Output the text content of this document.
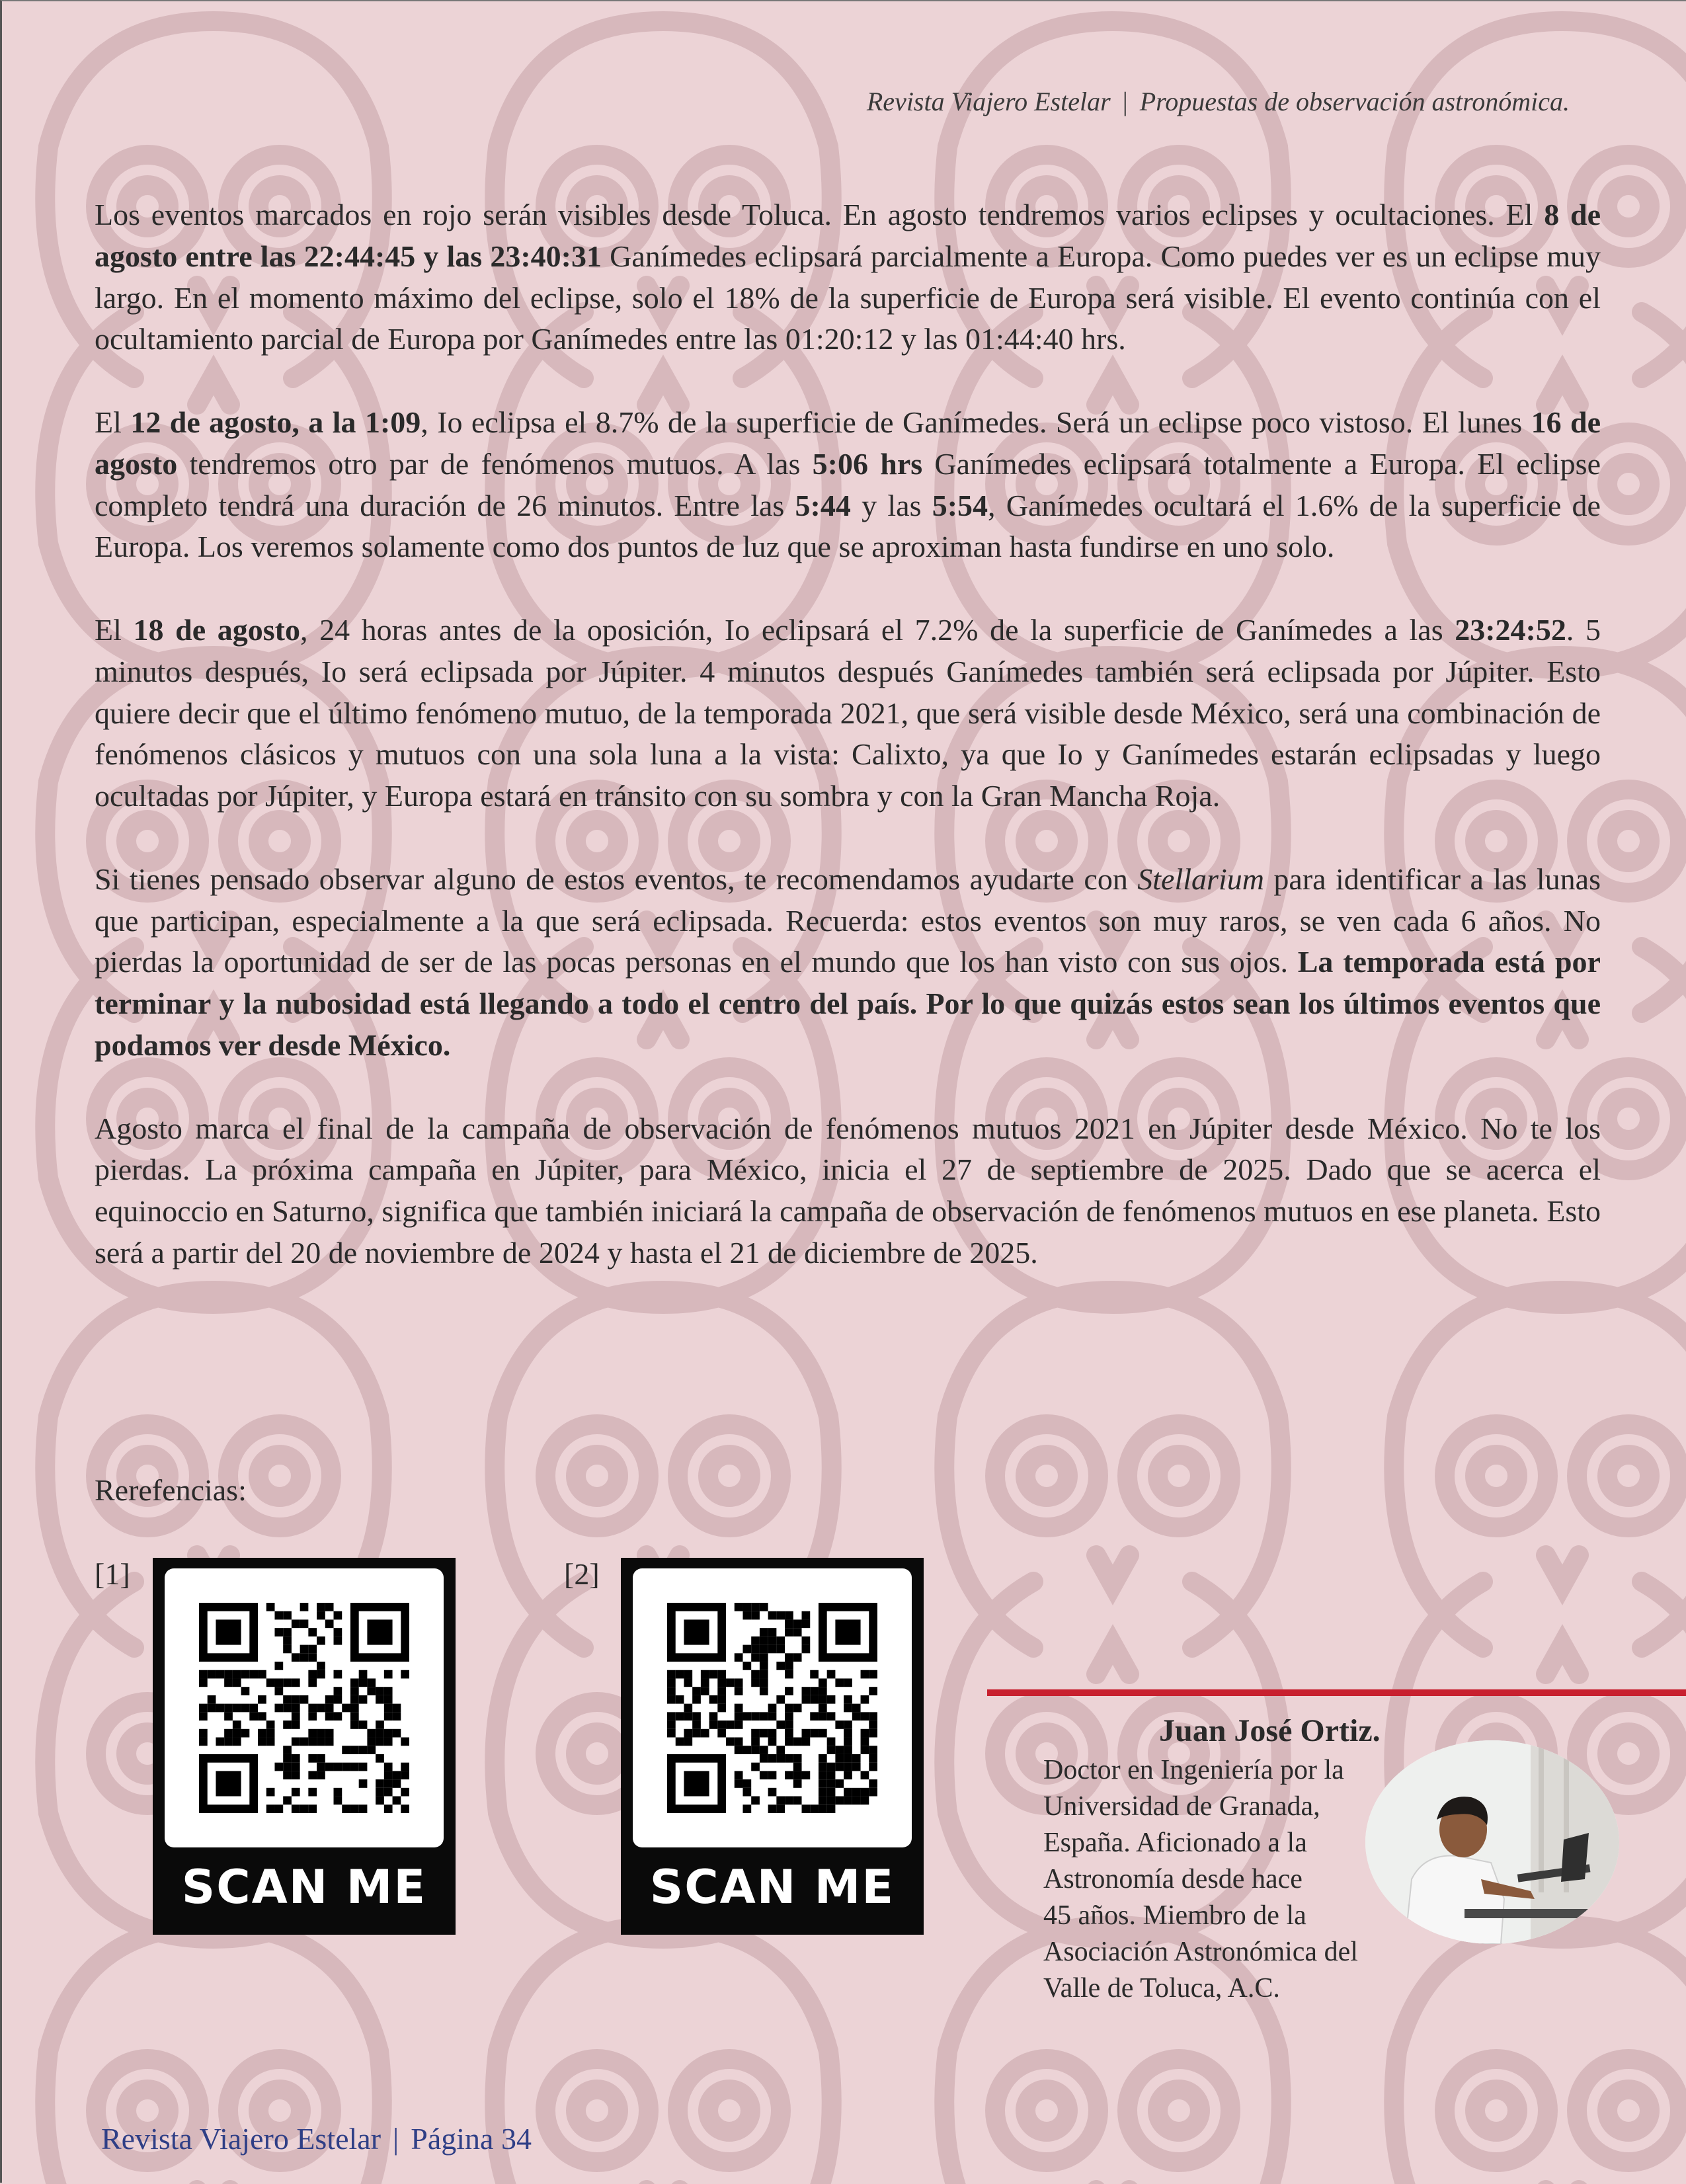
Revista Viajero Estelar | Propuestas de observación astronómica.

Los eventos marcados en rojo serán visibles desde Toluca. En agosto tendremos varios eclipses y ocultaciones. El 8 de agosto entre las 22:44:45 y las 23:40:31 Ganímedes eclipsará parcialmente a Europa. Como puedes ver es un eclipse muy largo. En el momento máximo del eclipse, solo el 18% de la superficie de Europa será visible. El evento continúa con el ocultamiento parcial de Europa por Ganímedes entre las 01:20:12 y las 01:44:40 hrs.

El 12 de agosto, a la 1:09, Io eclipsa el 8.7% de la superficie de Ganímedes. Será un eclipse poco vistoso. El lunes 16 de agosto tendremos otro par de fenómenos mutuos. A las 5:06 hrs Ganímedes eclipsará totalmente a Europa. El eclipse completo tendrá una duración de 26 minutos. Entre las 5:44 y las 5:54, Ganímedes ocultará el 1.6% de la superficie de Europa. Los veremos solamente como dos puntos de luz que se aproximan hasta fundirse en uno solo.

El 18 de agosto, 24 horas antes de la oposición, Io eclipsará el 7.2% de la superficie de Ganímedes a las 23:24:52. 5 minutos después, Io será eclipsada por Júpiter. 4 minutos después Ganímedes también será eclipsada por Júpiter. Esto quiere decir que el último fenómeno mutuo, de la temporada 2021, que será visible desde México, será una combinación de fenómenos clásicos y mutuos con una sola luna a la vista: Calixto, ya que Io y Ganímedes estarán eclipsadas y luego ocultadas por Júpiter, y Europa estará en tránsito con su sombra y con la Gran Mancha Roja.

Si tienes pensado observar alguno de estos eventos, te recomendamos ayudarte con Stellarium para identificar a las lunas que participan, especialmente a la que será eclipsada. Recuerda: estos eventos son muy raros, se ven cada 6 años. No pierdas la oportunidad de ser de las pocas personas en el mundo que los han visto con sus ojos. La temporada está por terminar y la nubosidad está llegando a todo el centro del país. Por lo que quizás estos sean los últimos eventos que podamos ver desde México.

Agosto marca el final de la campaña de observación de fenómenos mutuos 2021 en Júpiter desde México. No te los pierdas. La próxima campaña en Júpiter, para México, inicia el 27 de septiembre de 2025. Dado que se acerca el equinoccio en Saturno, significa que también iniciará la campaña de observación de fenómenos mutuos en ese planeta. Esto será a partir del 20 de noviembre de 2024 y hasta el 21 de diciembre de 2025.

Rerefencias:
[1]
SCAN ME
[2]
SCAN ME
Juan José Ortiz.
Doctor en Ingeniería por la
Universidad de Granada,
España. Aficionado a la
Astronomía desde hace
45 años. Miembro de la
Asociación Astronómica del
Valle de Toluca, A.C.
Revista Viajero Estelar | Página 34
